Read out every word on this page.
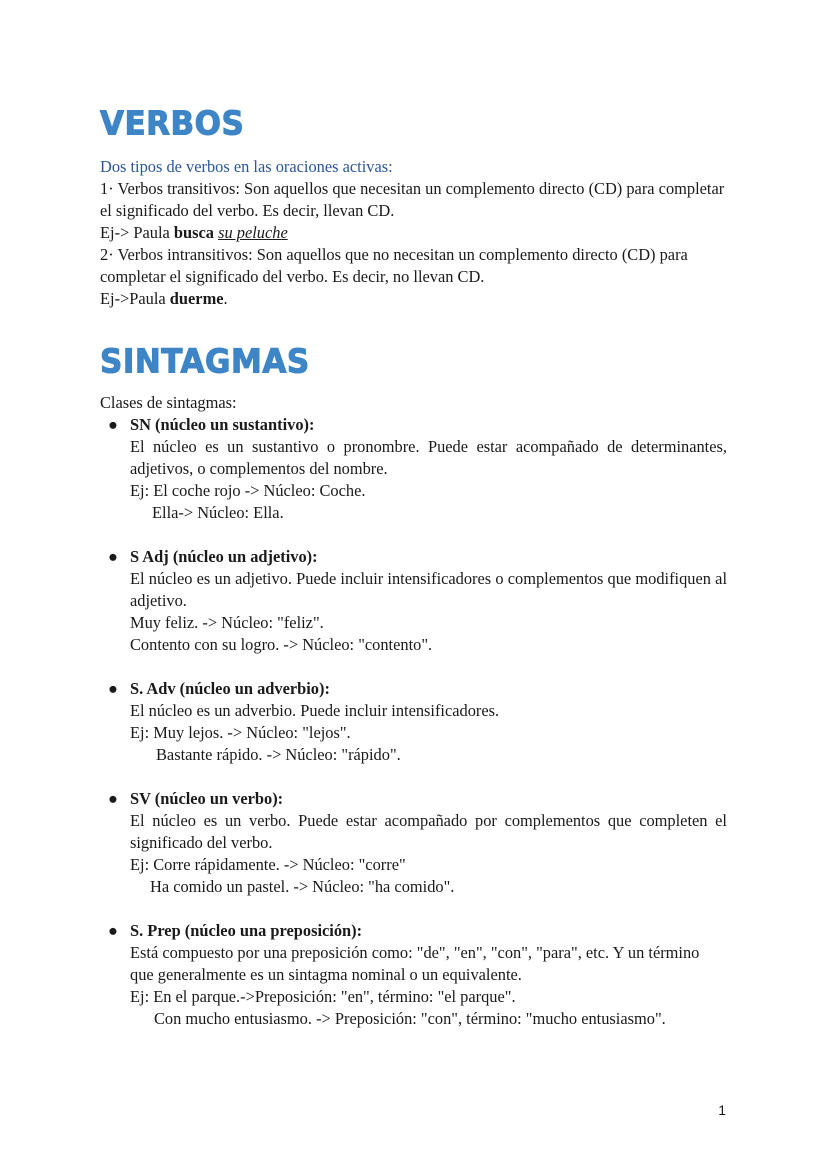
VERBOS

Dos tipos de verbos en las oraciones activas:

1· Verbos transitivos: Son aquellos que necesitan un complemento directo (CD) para completar el significado del verbo. Es decir, llevan CD.

Ej-> Paula busca su peluche

2· Verbos intransitivos: Son aquellos que no necesitan un complemento directo (CD) para completar el significado del verbo. Es decir, no llevan CD.

Ej->Paula duerme.

SINTAGMAS

Clases de sintagmas:

● SN (núcleo un sustantivo):

El núcleo es un sustantivo o pronombre. Puede estar acompañado de determinantes, adjetivos, o complementos del nombre.

Ej: El coche rojo -> Núcleo: Coche.

Ella-> Núcleo: Ella.

● S Adj (núcleo un adjetivo):

El núcleo es un adjetivo. Puede incluir intensificadores o complementos que modifiquen al adjetivo.

Muy feliz. -> Núcleo: "feliz".

Contento con su logro. -> Núcleo: "contento".

● S. Adv (núcleo un adverbio):

El núcleo es un adverbio. Puede incluir intensificadores.

Ej: Muy lejos. -> Núcleo: "lejos".

Bastante rápido. -> Núcleo: "rápido".

● SV (núcleo un verbo):

El núcleo es un verbo. Puede estar acompañado por complementos que completen el significado del verbo.

Ej: Corre rápidamente. -> Núcleo: "corre"

Ha comido un pastel. -> Núcleo: "ha comido".

● S. Prep (núcleo una preposición):

Está compuesto por una preposición como: "de", "en", "con", "para", etc. Y un término que generalmente es un sintagma nominal o un equivalente.

Ej: En el parque.->Preposición: "en", término: "el parque".

Con mucho entusiasmo. -> Preposición: "con", término: "mucho entusiasmo".

1
